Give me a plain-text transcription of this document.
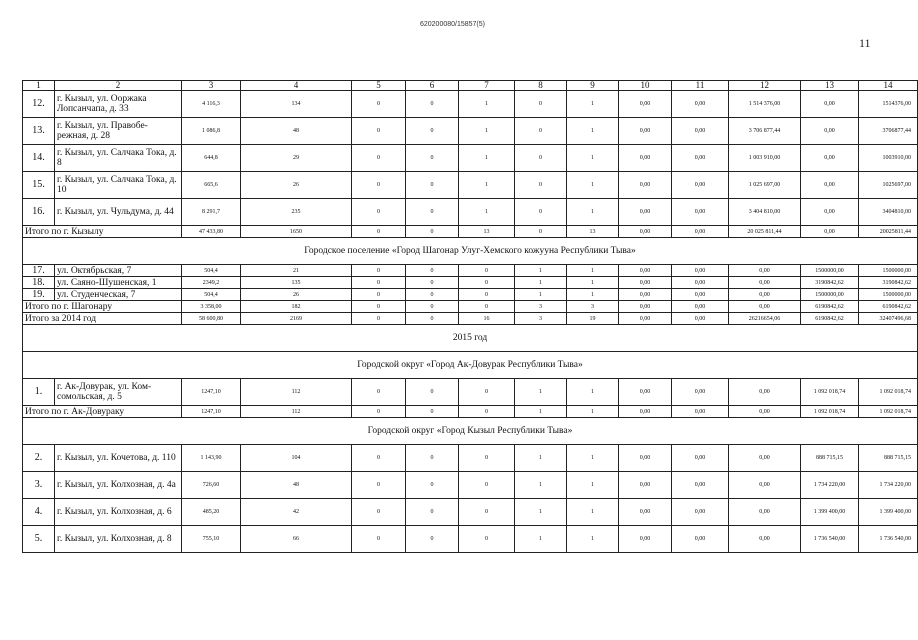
620200080/15857(5)
11
1	2	3	4	5	6	7	8	9	10	11	12	13	14
12.	г. Кызыл, ул. Ооржака Лопсанчапа, д. 33	4 116,3	134	0	0	1	0	1	0,00	0,00	1 514 376,00	0,00	1514376,00
13.	г. Кызыл, ул. Правобе-режная, д. 28	1 086,8	48	0	0	1	0	1	0,00	0,00	3 706 877,44	0,00	3706877,44
14.	г. Кызыл, ул. Салчака Тока, д. 8	644,8	29	0	0	1	0	1	0,00	0,00	1 003 910,00	0,00	1003910,00
15.	г. Кызыл, ул. Салчака Тока, д. 10	665,6	26	0	0	1	0	1	0,00	0,00	1 025 697,00	0,00	1025697,00
16.	г. Кызыл, ул. Чульдума, д. 44	8 291,7	235	0	0	1	0	1	0,00	0,00	3 404 810,00	0,00	3404810,00
Итого по г. Кызылу		47 433,80	1650	0	0	13	0	13	0,00	0,00	20 025 811,44	0,00	20025811,44
Городское поселение «Город Шагонар Улуг-Хемского кожууна Республики Тыва»													
17.	ул. Октябрьская, 7	504,4	21	0	0	0	1	1	0,00	0,00	0,00	1500000,00	1500000,00
18.	ул. Саяно-Шушенская, 1	2349,2	135	0	0	0	1	1	0,00	0,00	0,00	3190842,62	3190842,62
19.	ул. Студенческая, 7	504,4	26	0	0	0	1	1	0,00	0,00	0,00	1500000,00	1500000,00
Итого по г. Шагонару		3 358,00	182	0	0	0	3	3	0,00	0,00	0,00	6190842,62	6190842,62
Итого за 2014 год		58 600,80	2169	0	0	16	3	19	0,00	0,00	26216654,06	6190842,62	32407496,68
2015 год													
Городской округ «Город Ак-Довурак Республики Тыва»													
1.	г. Ак-Довурак, ул. Ком-сомольская, д. 5	1247,10	112	0	0	0	1	1	0,00	0,00	0,00	1 092 018,74	1 092 018,74
Итого по г. Ак-Довураку		1247,10	112	0	0	0	1	1	0,00	0,00	0,00	1 092 018,74	1 092 018,74
Городской округ «Город Кызыл Республики Тыва»													
2.	г. Кызыл, ул. Кочетова, д. 110	1 143,90	104	0	0	0	1	1	0,00	0,00	0,00	888 715,15	888 715,15
3.	г. Кызыл, ул. Колхозная, д. 4а	726,60	48	0	0	0	1	1	0,00	0,00	0,00	1 734 220,00	1 734 220,00
4.	г. Кызыл, ул. Колхозная, д. 6	485,20	42	0	0	0	1	1	0,00	0,00	0,00	1 399 400,00	1 399 400,00
5.	г. Кызыл, ул. Колхозная, д. 8	755,10	66	0	0	0	1	1	0,00	0,00	0,00	1 736 540,00	1 736 540,00
